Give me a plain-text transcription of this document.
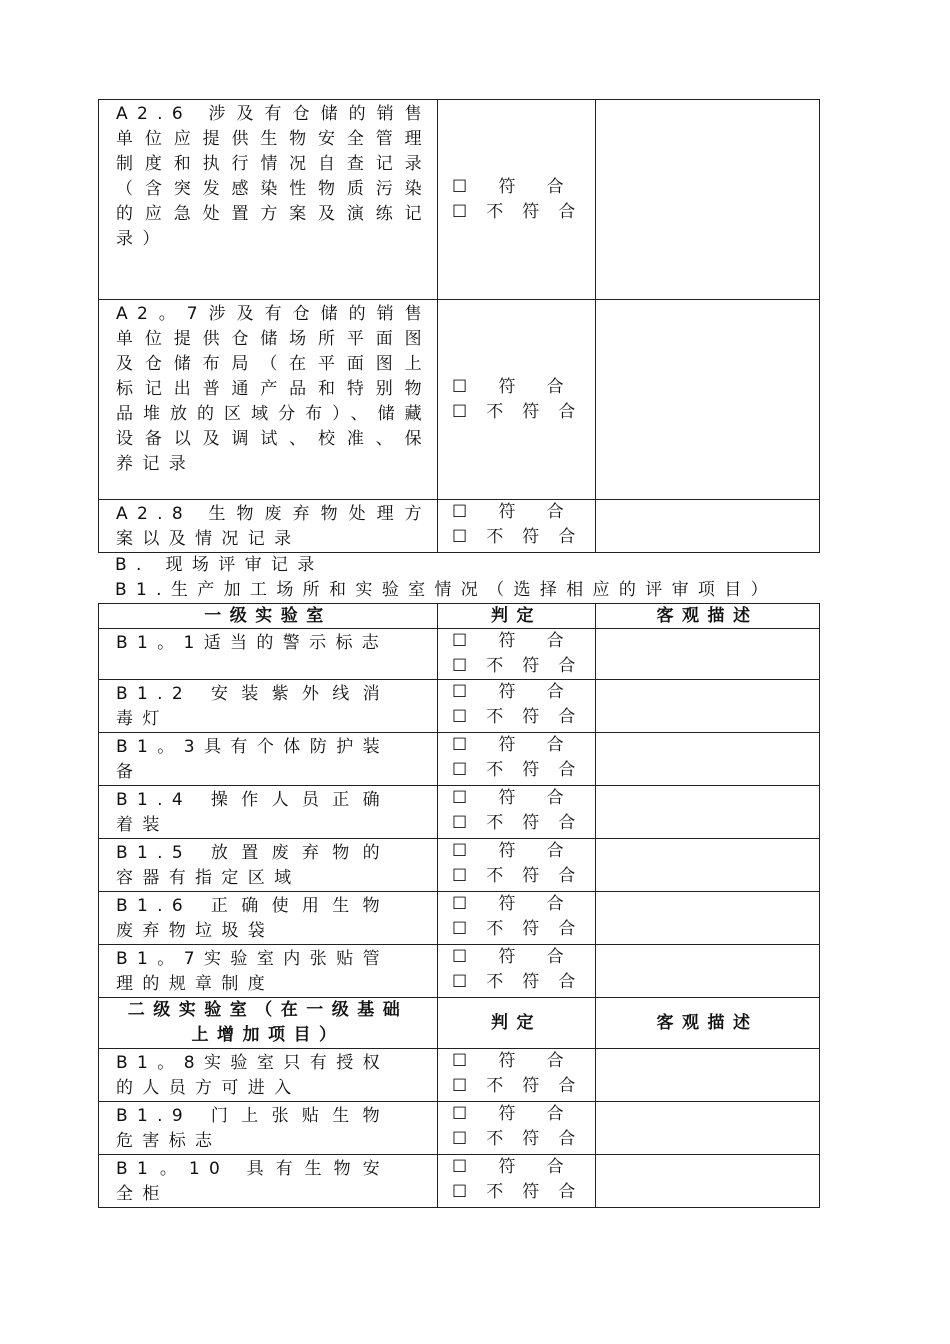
A2.6 涉及有仓储的销售单位应提供生物安全管理制度和执行情况自查记录（含突发感染性物质污染的应急处置方案及演练记录）	☐  符  合
☐ 不 符 合	

A2。7涉及有仓储的销售单位提供仓储场所平面图及仓储布局（在平面图上标记出普通产品和特别物品堆放的区域分布）、储藏设备以及调试、校准、保养记录	☐  符  合
☐ 不 符 合	

A2.8 生物废弃物处理方案以及情况记录	☐  符  合
☐ 不 符 合	

B. 现场评审记录
B1.生产加工场所和实验室情况（选择相应的评审项目）
一级实验室	判定	客观描述

B1。1适当的警示标志	☐  符  合
☐ 不 符 合	

B1.2 安装紫外线消毒灯	☐  符  合
☐ 不 符 合	

B1。3具有个体防护装备	☐  符  合
☐ 不 符 合	

B1.4 操作人员正确着装	☐  符  合
☐ 不 符 合	

B1.5 放置废弃物的容器有指定区域	☐  符  合
☐ 不 符 合	

B1.6 正确使用生物废弃物垃圾袋	☐  符  合
☐ 不 符 合	

B1。7实验室内张贴管理的规章制度	☐  符  合
☐ 不 符 合	

二级实验室（在一级基础上增加项目）	判定	客观描述

B1。8实验室只有授权的人员方可进入	☐  符  合
☐ 不 符 合	

B1.9 门上张贴生物危害标志	☐  符  合
☐ 不 符 合	

B1。10 具有生物安全柜	☐  符  合
☐ 不 符 合	
